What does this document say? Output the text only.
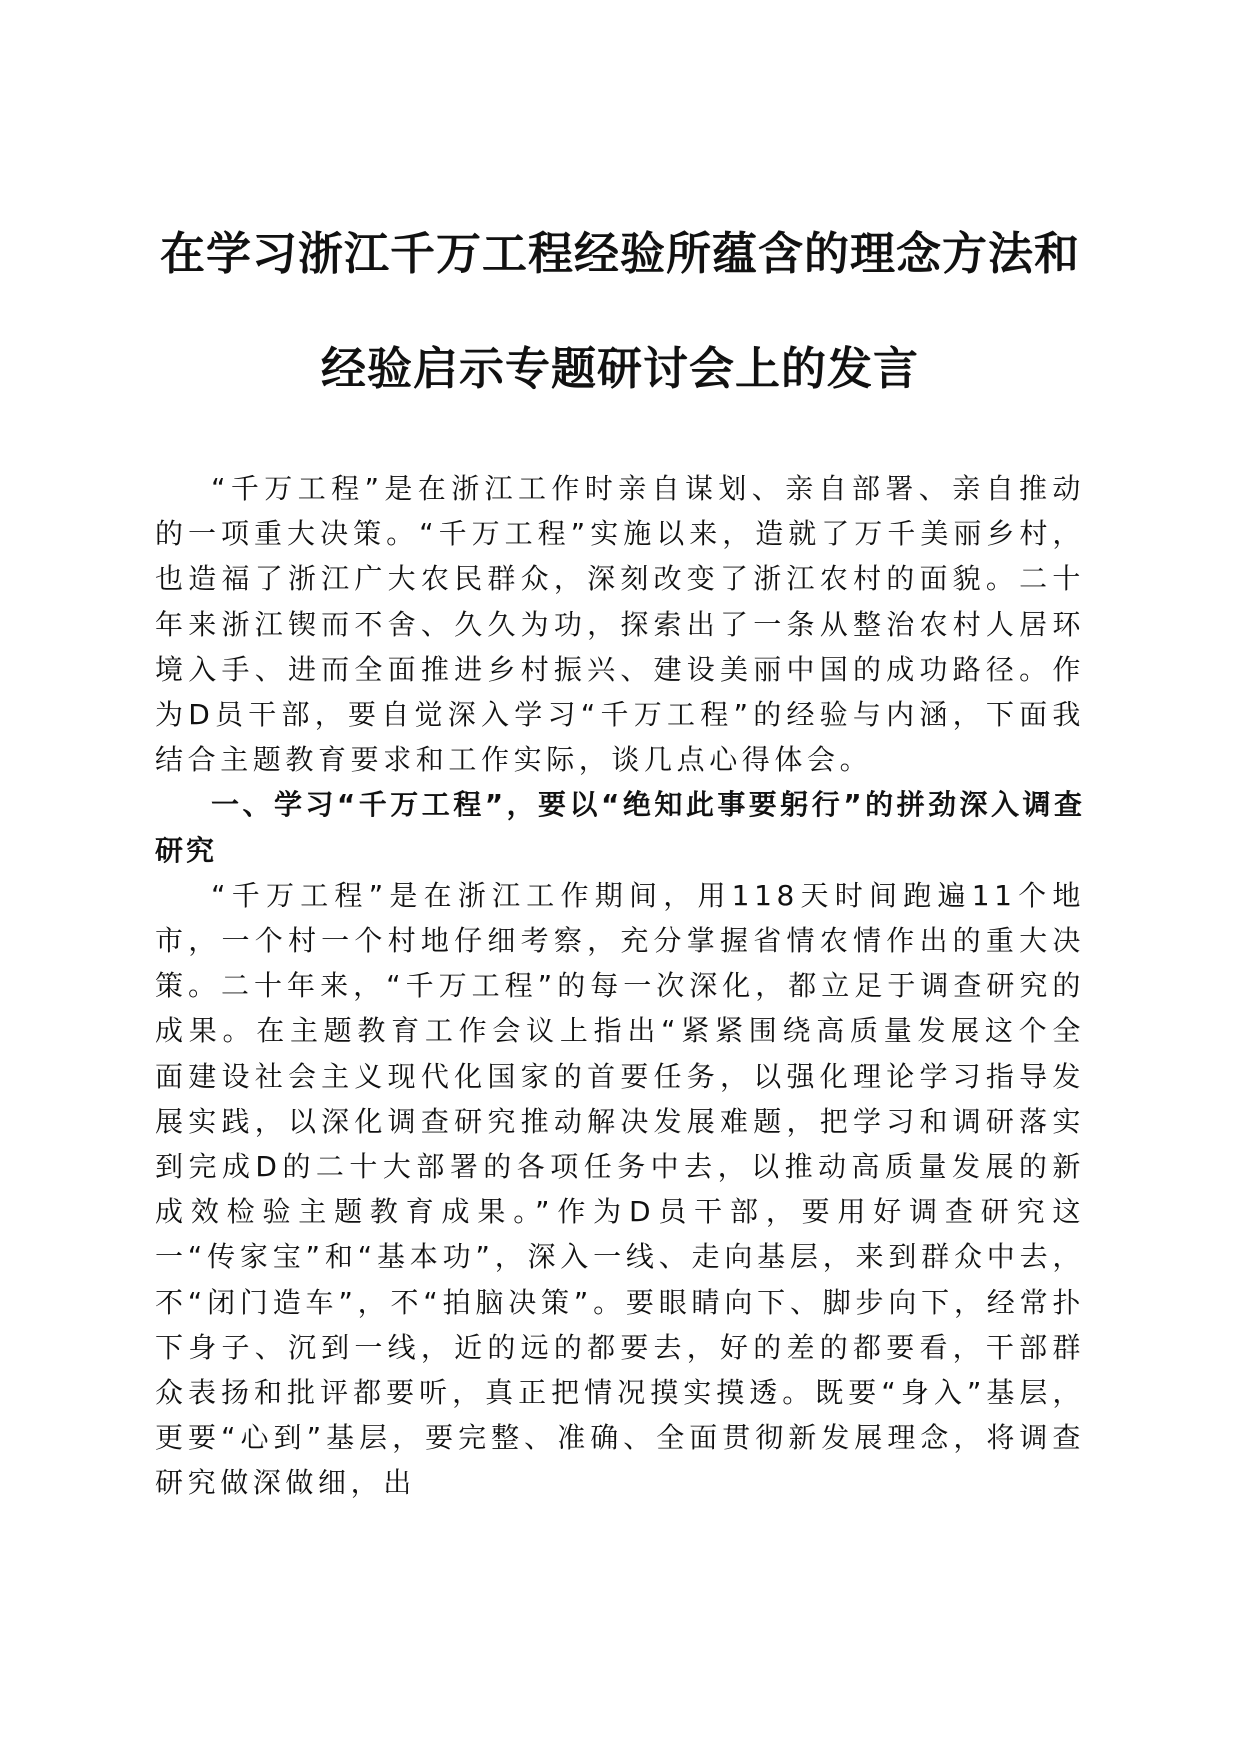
在学习浙江千万工程经验所蕴含的理念方法和
经验启示专题研讨会上的发言

“千万工程”是在浙江工作时亲自谋划、亲自部署、亲自推动的一项重大决策。“千万工程”实施以来，造就了万千美丽乡村，也造福了浙江广大农民群众，深刻改变了浙江农村的面貌。二十年来浙江锲而不舍、久久为功，探索出了一条从整治农村人居环境入手、进而全面推进乡村振兴、建设美丽中国的成功路径。作为D员干部，要自觉深入学习“千万工程”的经验与内涵，下面我结合主题教育要求和工作实际，谈几点心得体会。

一、学习“千万工程”，要以“绝知此事要躬行”的拼劲深入调查研究

“千万工程”是在浙江工作期间，用118天时间跑遍11个地市，一个村一个村地仔细考察，充分掌握省情农情作出的重大决策。二十年来，“千万工程”的每一次深化，都立足于调查研究的成果。在主题教育工作会议上指出“紧紧围绕高质量发展这个全面建设社会主义现代化国家的首要任务，以强化理论学习指导发展实践，以深化调查研究推动解决发展难题，把学习和调研落实到完成D的二十大部署的各项任务中去，以推动高质量发展的新成效检验主题教育成果。”作为D员干部，要用好调查研究这一“传家宝”和“基本功”，深入一线、走向基层，来到群众中去，不“闭门造车”，不“拍脑决策”。要眼睛向下、脚步向下，经常扑下身子、沉到一线，近的远的都要去，好的差的都要看，干部群众表扬和批评都要听，真正把情况摸实摸透。既要“身入”基层，更要“心到”基层，要完整、准确、全面贯彻新发展理念，将调查研究做深做细，出
